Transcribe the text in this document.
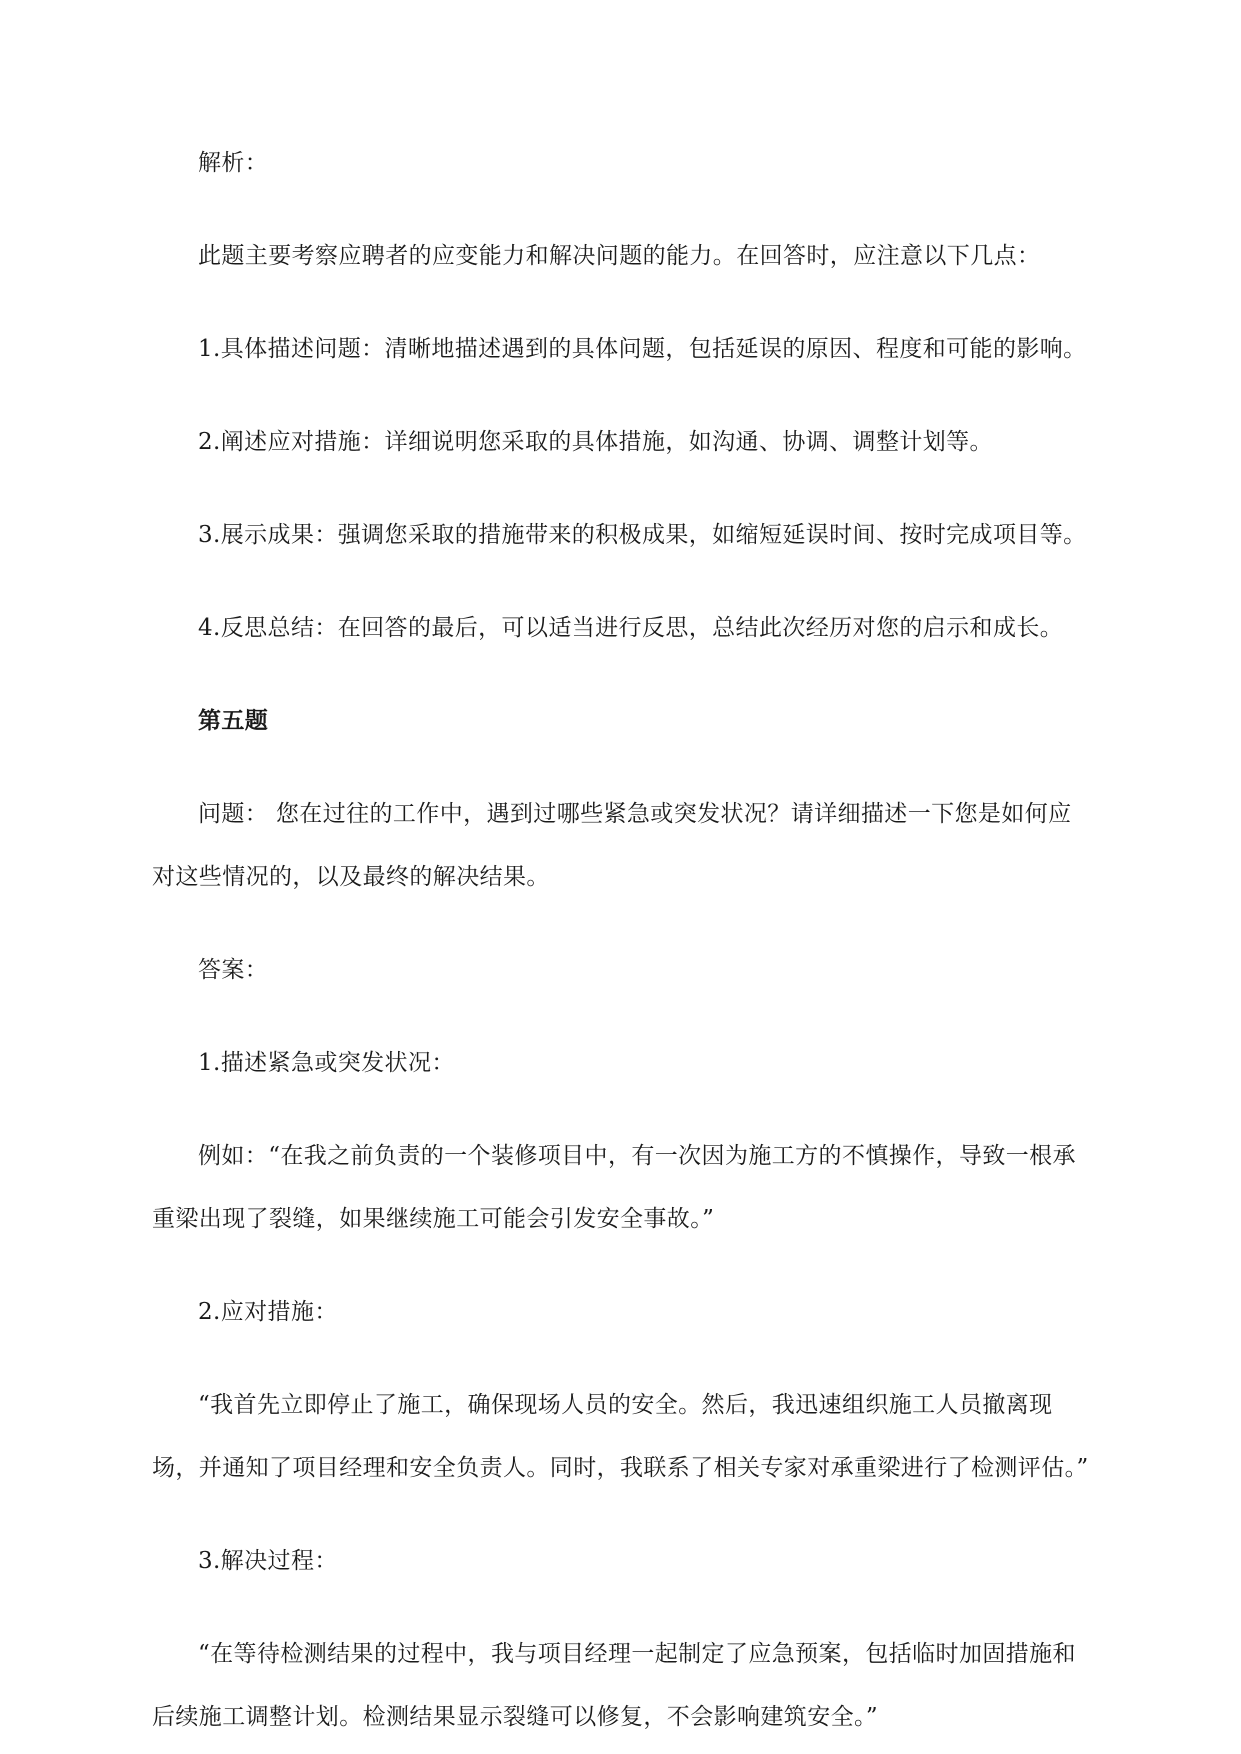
解析：

此题主要考察应聘者的应变能力和解决问题的能力。在回答时，应注意以下几点：

1.具体描述问题：清晰地描述遇到的具体问题，包括延误的原因、程度和可能的影响。

2.阐述应对措施：详细说明您采取的具体措施，如沟通、协调、调整计划等。

3.展示成果：强调您采取的措施带来的积极成果，如缩短延误时间、按时完成项目等。

4.反思总结：在回答的最后，可以适当进行反思，总结此次经历对您的启示和成长。

第五题

问题： 您在过往的工作中，遇到过哪些紧急或突发状况？请详细描述一下您是如何应对这些情况的，以及最终的解决结果。

答案：

1.描述紧急或突发状况：

例如：“在我之前负责的一个装修项目中，有一次因为施工方的不慎操作，导致一根承重梁出现了裂缝，如果继续施工可能会引发安全事故。”

2.应对措施：

“我首先立即停止了施工，确保现场人员的安全。然后，我迅速组织施工人员撤离现场，并通知了项目经理和安全负责人。同时，我联系了相关专家对承重梁进行了检测评估。”

3.解决过程：

“在等待检测结果的过程中，我与项目经理一起制定了应急预案，包括临时加固措施和后续施工调整计划。检测结果显示裂缝可以修复，不会影响建筑安全。”
